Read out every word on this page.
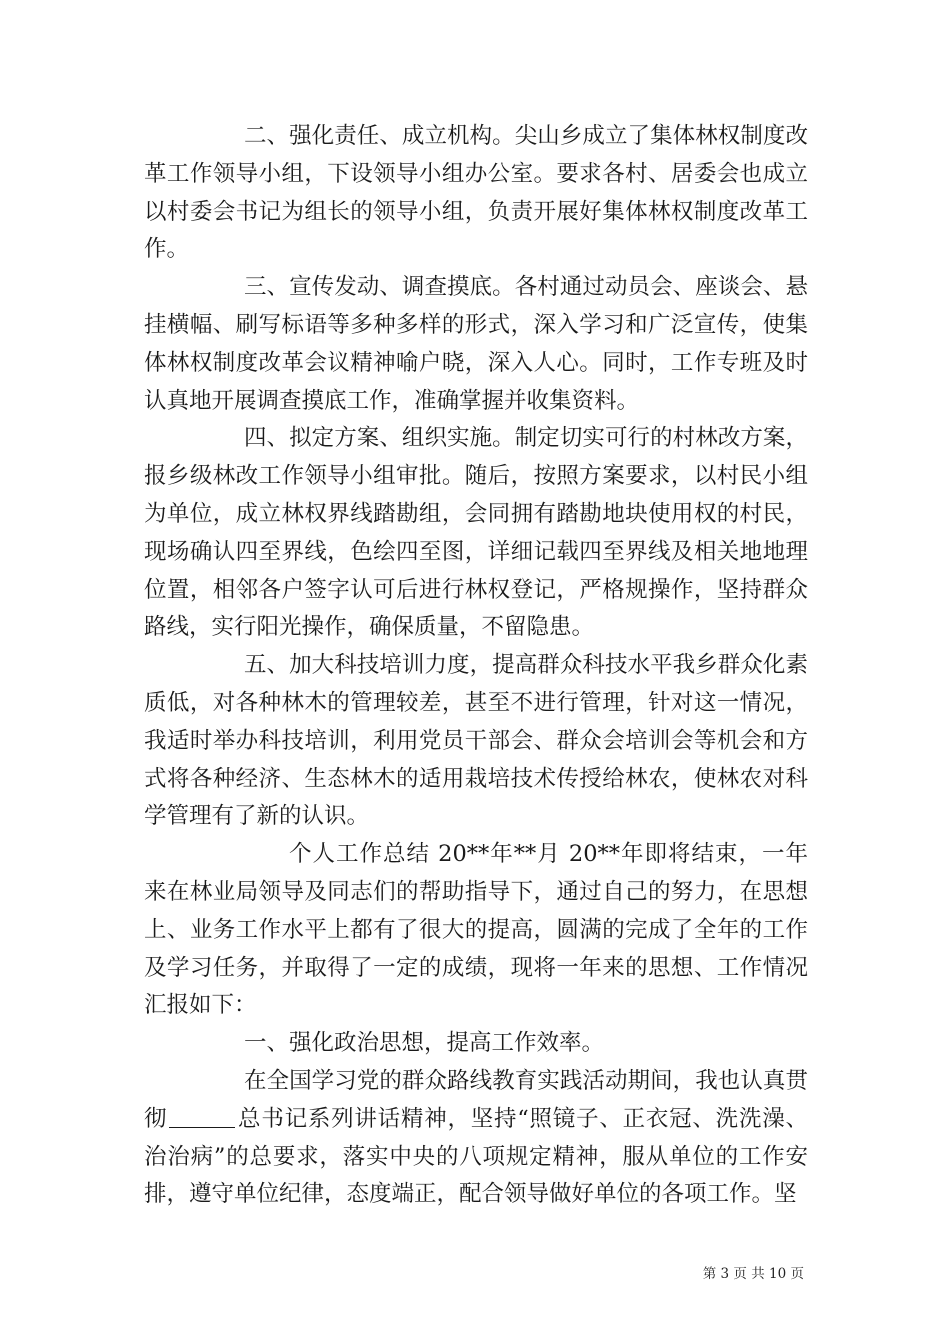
二、强化责任、成立机构。尖山乡成立了集体林权制度改革工作领导小组，下设领导小组办公室。要求各村、居委会也成立以村委会书记为组长的领导小组，负责开展好集体林权制度改革工作。

三、宣传发动、调查摸底。各村通过动员会、座谈会、悬挂横幅、刷写标语等多种多样的形式，深入学习和广泛宣传，使集体林权制度改革会议精神喻户晓，深入人心。同时，工作专班及时认真地开展调查摸底工作，准确掌握并收集资料。

四、拟定方案、组织实施。制定切实可行的村林改方案，报乡级林改工作领导小组审批。随后，按照方案要求，以村民小组为单位，成立林权界线踏勘组，会同拥有踏勘地块使用权的村民，现场确认四至界线，色绘四至图，详细记载四至界线及相关地地理位置，相邻各户签字认可后进行林权登记，严格规操作，坚持群众路线，实行阳光操作，确保质量，不留隐患。

五、加大科技培训力度，提高群众科技水平我乡群众化素质低，对各种林木的管理较差，甚至不进行管理，针对这一情况，我适时举办科技培训，利用党员干部会、群众会培训会等机会和方式将各种经济、生态林木的适用栽培技术传授给林农，使林农对科学管理有了新的认识。

个人工作总结 20**年**月 20**年即将结束，一年来在林业局领导及同志们的帮助指导下，通过自己的努力，在思想上、业务工作水平上都有了很大的提高，圆满的完成了全年的工作及学习任务，并取得了一定的成绩，现将一年来的思想、工作情况汇报如下：

一、强化政治思想，提高工作效率。

在全国学习党的群众路线教育实践活动期间，我也认真贯彻	总书记系列讲话精神，坚持“照镜子、正衣冠、洗洗澡、治治病”的总要求，落实中央的八项规定精神，服从单位的工作安排，遵守单位纪律，态度端正，配合领导做好单位的各项工作。坚

第 3 页 共 10 页
